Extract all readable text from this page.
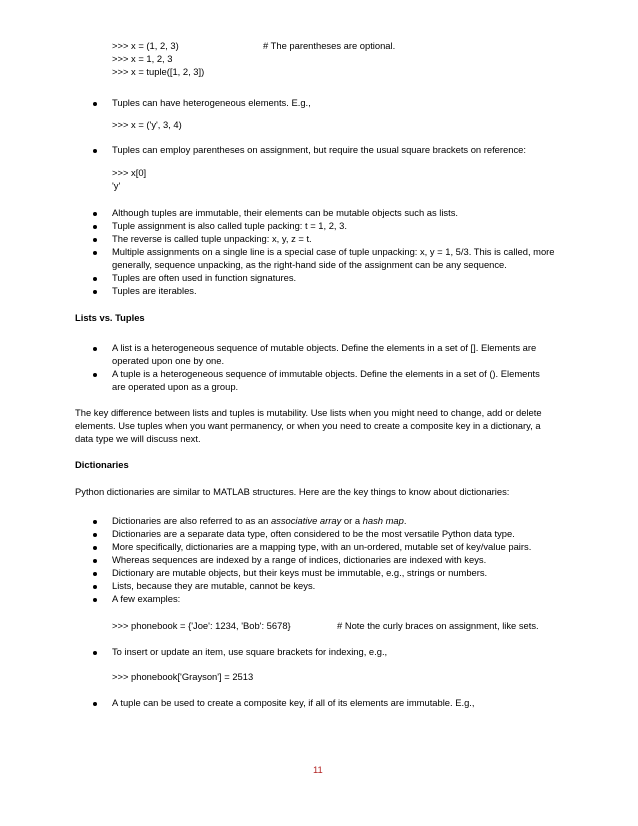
>>> x = (1, 2, 3)	# The parentheses are optional.
>>> x = 1, 2, 3
>>> x = tuple([1, 2, 3])
Tuples can have heterogeneous elements. E.g.,
>>> x = ('y', 3, 4)
Tuples can employ parentheses on assignment, but require the usual square brackets on reference:
>>> x[0]
'y'
Although tuples are immutable, their elements can be mutable objects such as lists.
Tuple assignment is also called tuple packing: t = 1, 2, 3.
The reverse is called tuple unpacking: x, y, z = t.
Multiple assignments on a single line is a special case of tuple unpacking: x, y = 1, 5/3. This is called, more
generally, sequence unpacking, as the right-hand side of the assignment can be any sequence.
Tuples are often used in function signatures.
Tuples are iterables.
Lists vs. Tuples
A list is a heterogeneous sequence of mutable objects. Define the elements in a set of []. Elements are
operated upon one by one.
A tuple is a heterogeneous sequence of immutable objects. Define the elements in a set of (). Elements
are operated upon as a group.
The key difference between lists and tuples is mutability. Use lists when you might need to change, add or delete
elements. Use tuples when you want permanency, or when you need to create a composite key in a dictionary, a
data type we will discuss next.
Dictionaries
Python dictionaries are similar to MATLAB structures. Here are the key things to know about dictionaries:
Dictionaries are also referred to as an associative array or a hash map.
Dictionaries are a separate data type, often considered to be the most versatile Python data type.
More specifically, dictionaries are a mapping type, with an un-ordered, mutable set of key/value pairs.
Whereas sequences are indexed by a range of indices, dictionaries are indexed with keys.
Dictionary are mutable objects, but their keys must be immutable, e.g., strings or numbers.
Lists, because they are mutable, cannot be keys.
A few examples:
>>> phonebook = {'Joe': 1234, 'Bob': 5678}	# Note the curly braces on assignment, like sets.
To insert or update an item, use square brackets for indexing, e.g.,
>>> phonebook['Grayson'] = 2513
A tuple can be used to create a composite key, if all of its elements are immutable. E.g.,
11
